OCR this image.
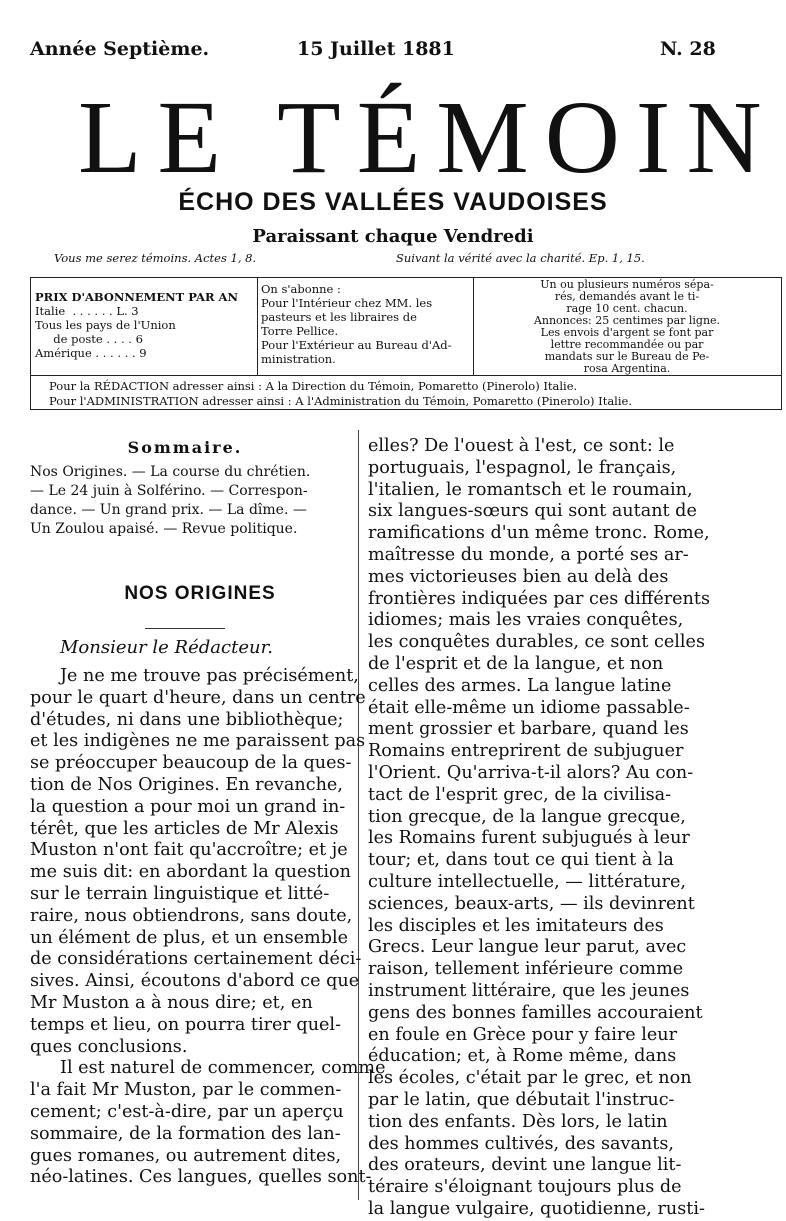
Année Septième.	15 Juillet 1881	N. 28
LE TÉMOIN
ÉCHO DES VALLÉES VAUDOISES
Paraissant chaque Vendredi
Vous me serez témoins. Actes 1, 8.	Suivant la vérité avec la charité. Ep. 1, 15.
PRIX D'ABONNEMENT PAR AN
Italie  . . . . . . L. 3
Tous les pays de l'Union
de poste . . . . 6
Amérique . . . . . . 9
On s'abonne :
Pour l'Intérieur chez MM. les
pasteurs et les libraires de
Torre Pellice.
Pour l'Extérieur au Bureau d'Ad-
ministration.
Un ou plusieurs numéros sépa-
rés, demandés avant le ti-
rage 10 cent. chacun.
Annonces: 25 centimes par ligne.
Les envois d'argent se font par
lettre recommandée ou par
mandats sur le Bureau de Pe-
rosa Argentina.
Pour la RÉDACTION adresser ainsi : A la Direction du Témoin, Pomaretto (Pinerolo) Italie.
Pour l'ADMINISTRATION adresser ainsi : A l'Administration du Témoin, Pomaretto (Pinerolo) Italie.
Sommaire.
Nos Origines. — La course du chrétien.
— Le 24 juin à Solférino. — Correspon-
dance. — Un grand prix. — La dîme. —
Un Zoulou apaisé. — Revue politique.
NOS ORIGINES
Monsieur le Rédacteur.
Je ne me trouve pas précisément,
pour le quart d'heure, dans un centre
d'études, ni dans une bibliothèque;
et les indigènes ne me paraissent pas
se préoccuper beaucoup de la ques-
tion de Nos Origines. En revanche,
la question a pour moi un grand in-
térêt, que les articles de Mr Alexis
Muston n'ont fait qu'accroître; et je
me suis dit: en abordant la question
sur le terrain linguistique et litté-
raire, nous obtiendrons, sans doute,
un élément de plus, et un ensemble
de considérations certainement déci-
sives. Ainsi, écoutons d'abord ce que
Mr Muston a à nous dire; et, en
temps et lieu, on pourra tirer quel-
ques conclusions.
Il est naturel de commencer, comme
l'a fait Mr Muston, par le commen-
cement; c'est-à-dire, par un aperçu
sommaire, de la formation des lan-
gues romanes, ou autrement dites,
néo-latines. Ces langues, quelles sont-
elles? De l'ouest à l'est, ce sont: le
portuguais, l'espagnol, le français,
l'italien, le romantsch et le roumain,
six langues-sœurs qui sont autant de
ramifications d'un même tronc. Rome,
maîtresse du monde, a porté ses ar-
mes victorieuses bien au delà des
frontières indiquées par ces différents
idiomes; mais les vraies conquêtes,
les conquêtes durables, ce sont celles
de l'esprit et de la langue, et non
celles des armes. La langue latine
était elle-même un idiome passable-
ment grossier et barbare, quand les
Romains entreprirent de subjuguer
l'Orient. Qu'arriva-t-il alors? Au con-
tact de l'esprit grec, de la civilisa-
tion grecque, de la langue grecque,
les Romains furent subjugués à leur
tour; et, dans tout ce qui tient à la
culture intellectuelle, — littérature,
sciences, beaux-arts, — ils devinrent
les disciples et les imitateurs des
Grecs. Leur langue leur parut, avec
raison, tellement inférieure comme
instrument littéraire, que les jeunes
gens des bonnes familles accouraient
en foule en Grèce pour y faire leur
éducation; et, à Rome même, dans
les écoles, c'était par le grec, et non
par le latin, que débutait l'instruc-
tion des enfants. Dès lors, le latin
des hommes cultivés, des savants,
des orateurs, devint une langue lit-
téraire s'éloignant toujours plus de
la langue vulgaire, quotidienne, rusti-
